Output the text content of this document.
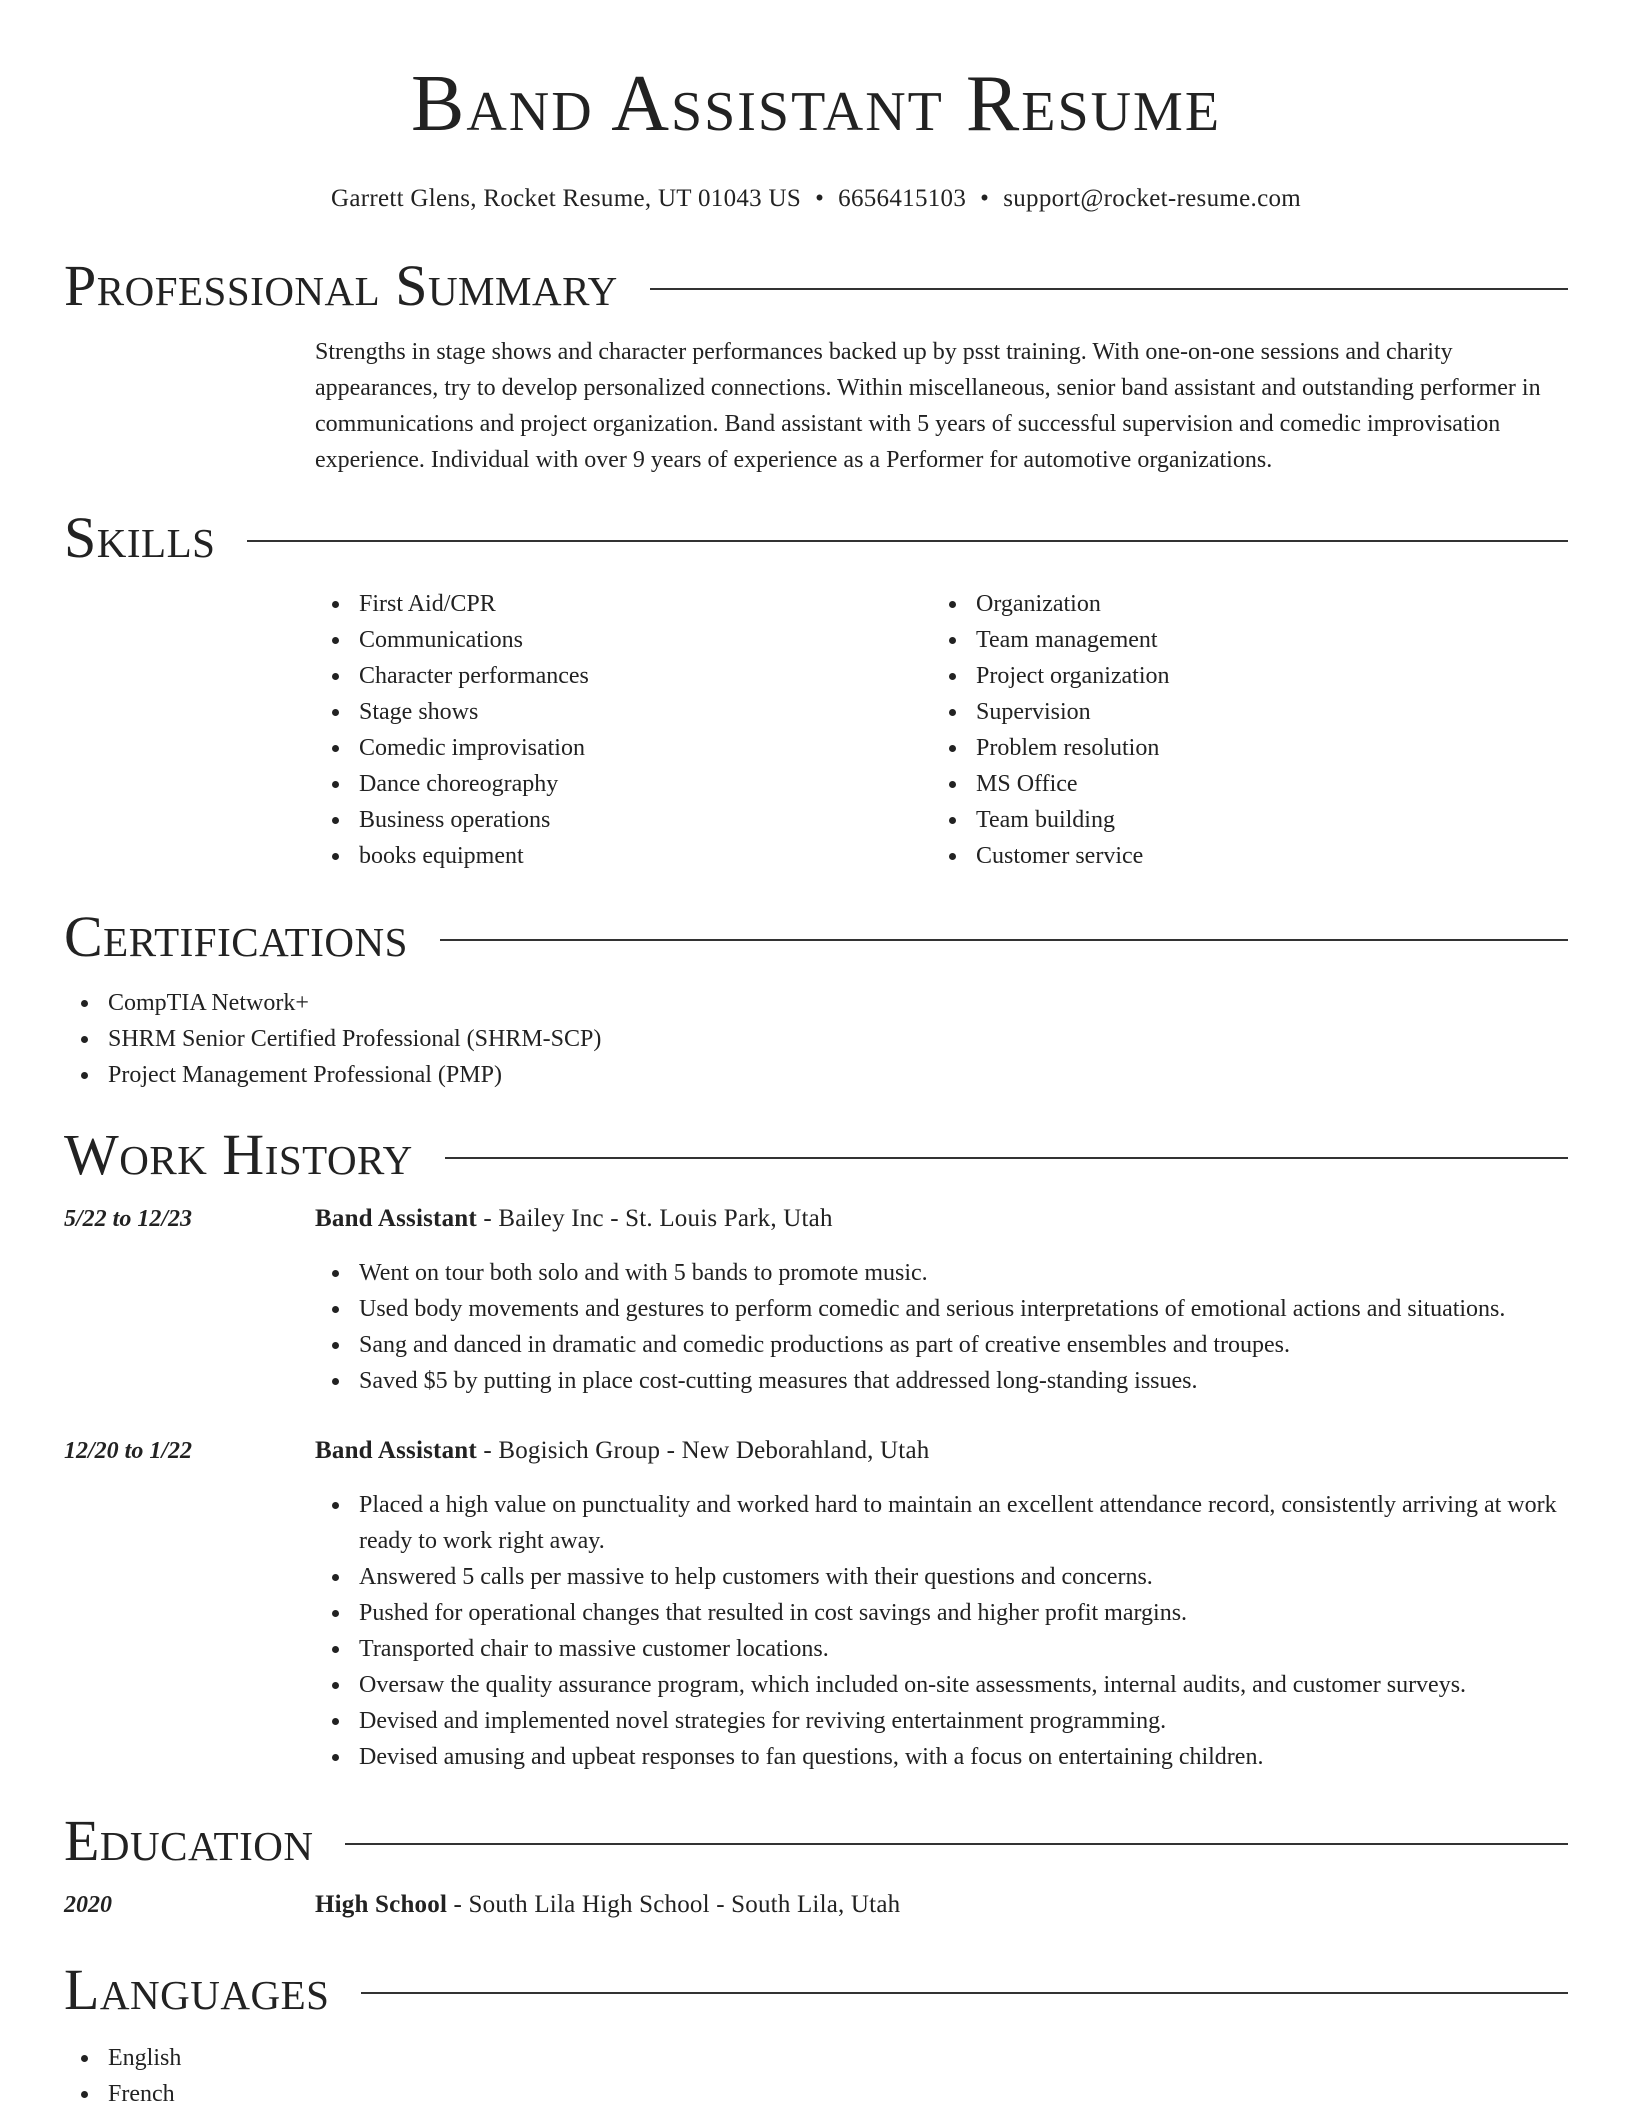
Band Assistant Resume
Garrett Glens, Rocket Resume, UT 01043 US • 6656415103 • support@rocket-resume.com
Professional Summary
Strengths in stage shows and character performances backed up by psst training. With one-on-one sessions and charity appearances, try to develop personalized connections. Within miscellaneous, senior band assistant and outstanding performer in communications and project organization. Band assistant with 5 years of successful supervision and comedic improvisation experience. Individual with over 9 years of experience as a Performer for automotive organizations.
Skills
First Aid/CPR
Communications
Character performances
Stage shows
Comedic improvisation
Dance choreography
Business operations
books equipment
Organization
Team management
Project organization
Supervision
Problem resolution
MS Office
Team building
Customer service
Certifications
CompTIA Network+
SHRM Senior Certified Professional (SHRM-SCP)
Project Management Professional (PMP)
Work History
5/22 to 12/23	Band Assistant - Bailey Inc - St. Louis Park, Utah
Went on tour both solo and with 5 bands to promote music.
Used body movements and gestures to perform comedic and serious interpretations of emotional actions and situations.
Sang and danced in dramatic and comedic productions as part of creative ensembles and troupes.
Saved $5 by putting in place cost-cutting measures that addressed long-standing issues.
12/20 to 1/22	Band Assistant - Bogisich Group - New Deborahland, Utah
Placed a high value on punctuality and worked hard to maintain an excellent attendance record, consistently arriving at work ready to work right away.
Answered 5 calls per massive to help customers with their questions and concerns.
Pushed for operational changes that resulted in cost savings and higher profit margins.
Transported chair to massive customer locations.
Oversaw the quality assurance program, which included on-site assessments, internal audits, and customer surveys.
Devised and implemented novel strategies for reviving entertainment programming.
Devised amusing and upbeat responses to fan questions, with a focus on entertaining children.
Education
2020	High School - South Lila High School - South Lila, Utah
Languages
English
French
